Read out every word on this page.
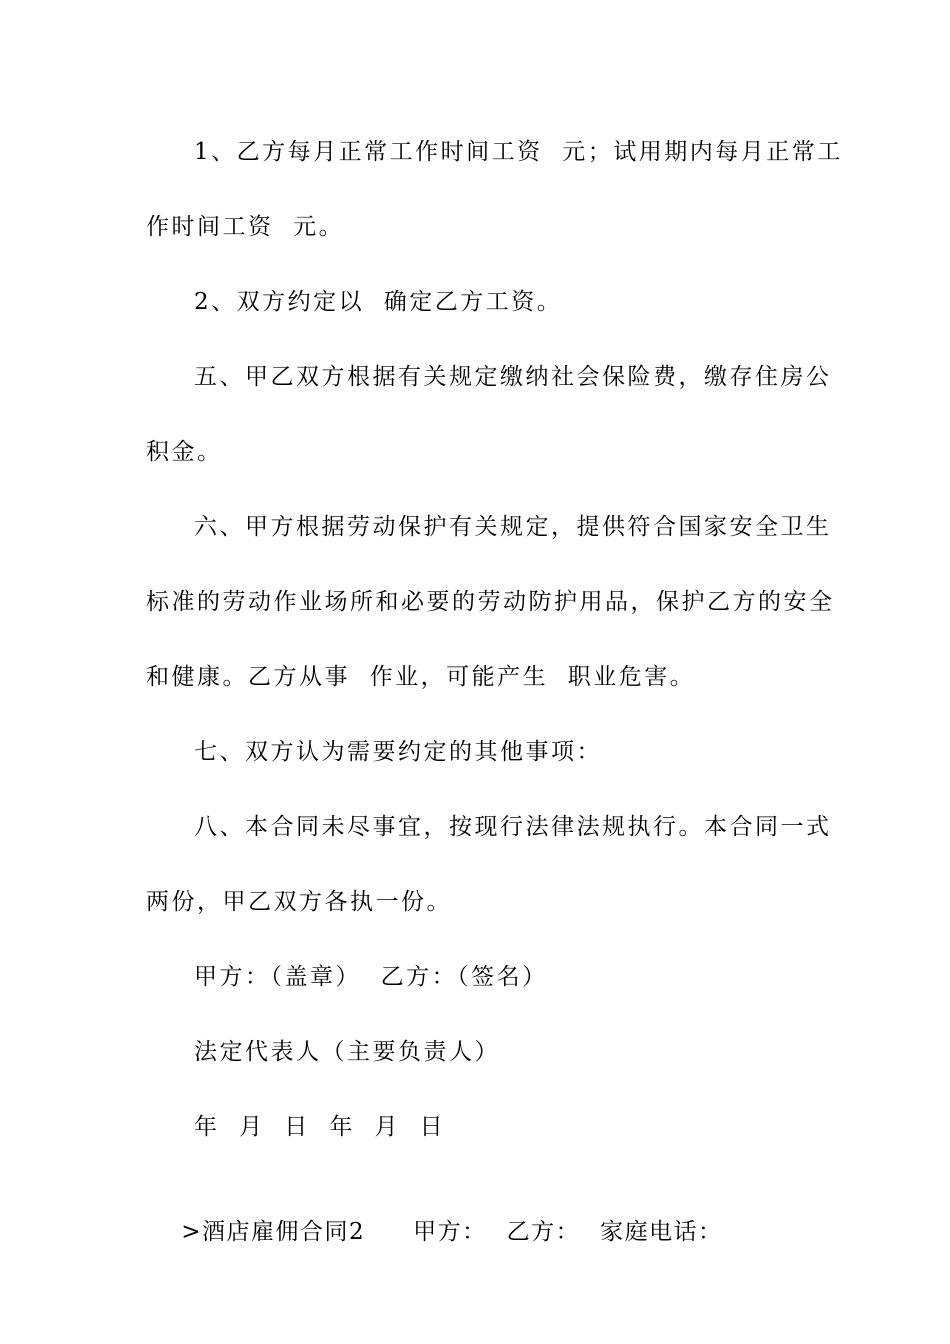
1、乙方每月正常工作时间工资  元；试用期内每月正常工
作时间工资  元。
2、双方约定以  确定乙方工资。
五、甲乙双方根据有关规定缴纳社会保险费，缴存住房公
积金。
六、甲方根据劳动保护有关规定，提供符合国家安全卫生
标准的劳动作业场所和必要的劳动防护用品，保护乙方的安全
和健康。乙方从事  作业，可能产生  职业危害。
七、双方认为需要约定的其他事项：
八、本合同未尽事宜，按现行法律法规执行。本合同一式
两份，甲乙双方各执一份。
甲方：（盖章）  乙方：（签名）
法定代表人（主要负责人）
年  月  日  年  月  日

>酒店雇佣合同2 甲方： 乙方： 家庭电话：
